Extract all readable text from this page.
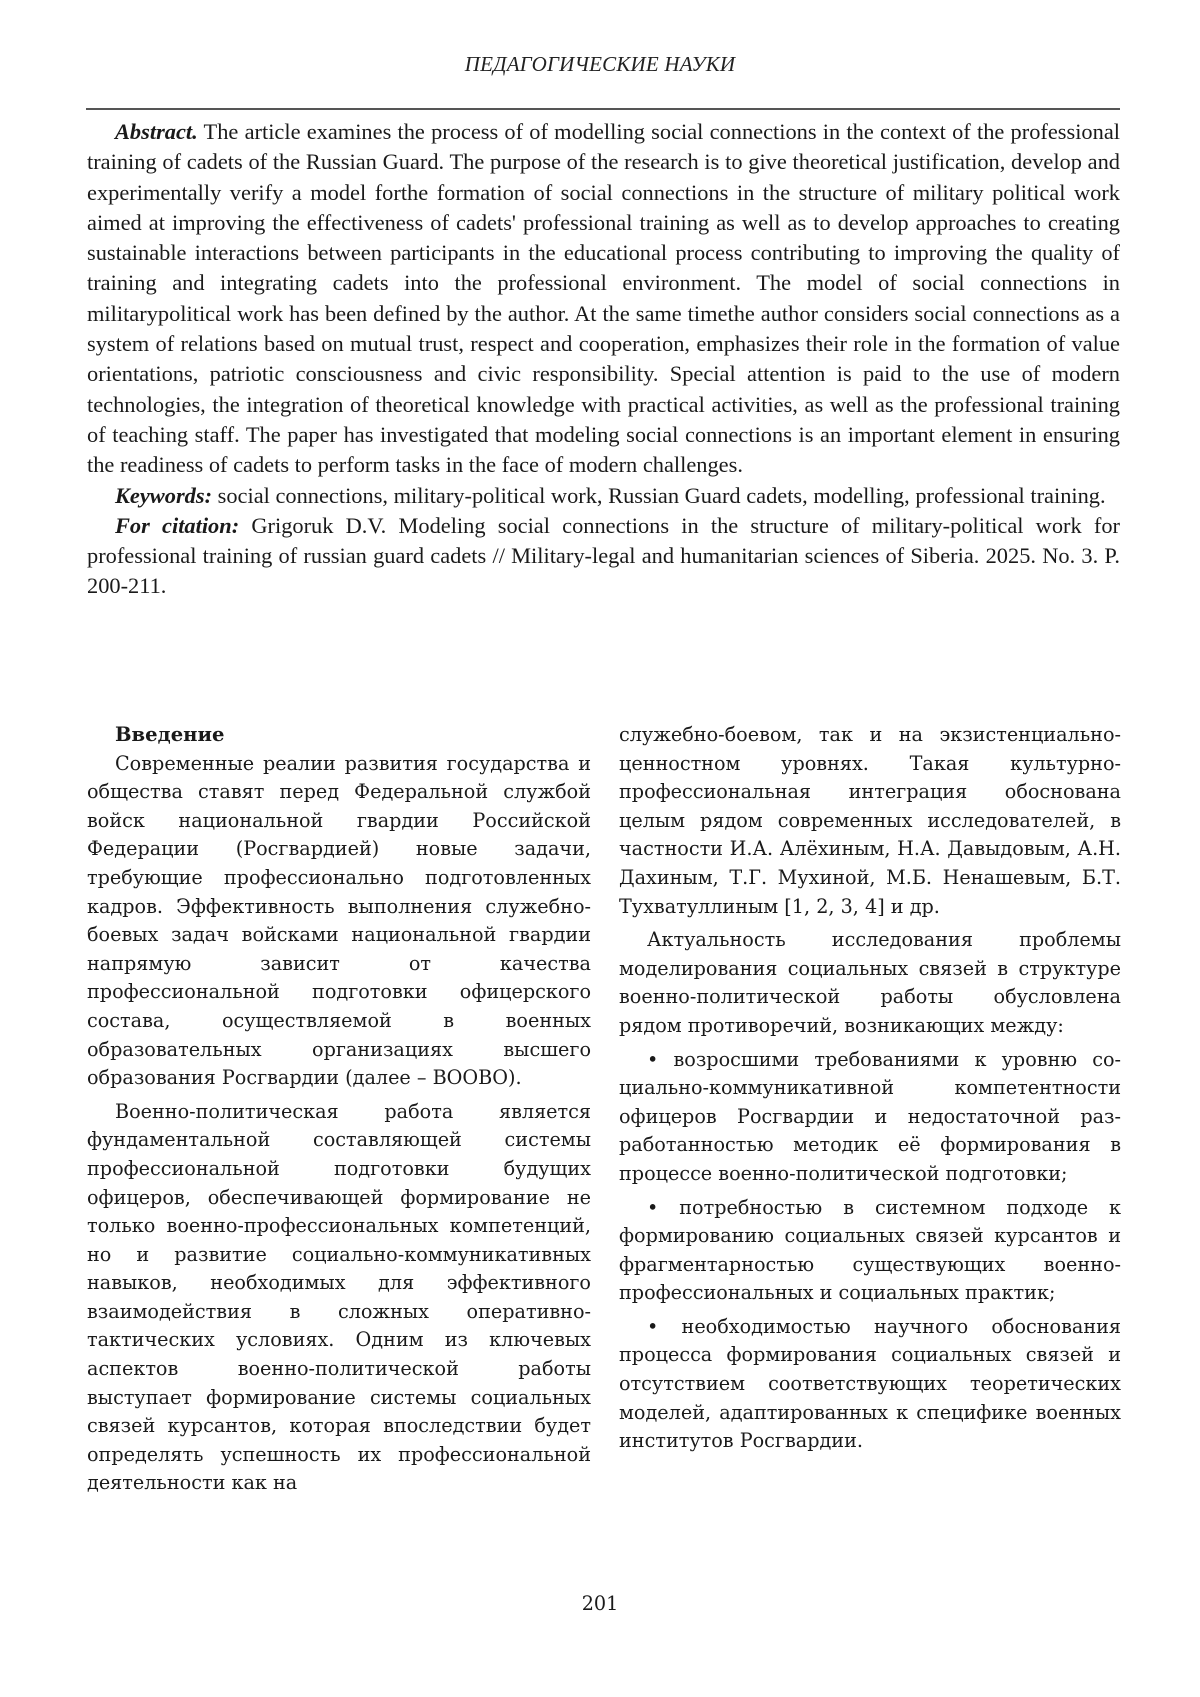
ПЕДАГОГИЧЕСКИЕ НАУКИ

Abstract. The article examines the process of of modelling social connections in the context of the professional training of cadets of the Russian Guard. The purpose of the research is to give theoretical justification, develop and experimentally verify a model forthe formation of social connections in the structure of military political work aimed at improving the effectiveness of cadets' professional training as well as to develop approaches to creating sustainable interactions between participants in the educational process contributing to improving the quality of training and integrating cadets into the professional environment. The model of social connections in militarypolitical work has been defined by the author. At the same timethe author considers social connections as a system of relations based on mutual trust, respect and cooperation, emphasizes their role in the formation of value orientations, patriotic consciousness and civic responsibility. Special attention is paid to the use of modern technologies, the integration of theoretical knowledge with practical activities, as well as the professional training of teaching staff. The paper has investigated that modeling social connections is an important element in ensuring the readiness of cadets to perform tasks in the face of modern challenges.

Keywords: social connections, military-political work, Russian Guard cadets, modelling, professional training.

For citation: Grigoruk D.V. Modeling social connections in the structure of military-political work for professional training of russian guard cadets // Military-legal and humanitarian sciences of Siberia. 2025. No. 3. P. 200-211.

Введение

Современные реалии развития государства и общества ставят перед Федеральной службой войск национальной гвардии Российской Федерации (Росгвардией) новые задачи, требующие профессионально подготовленных кадров. Эффективность выполнения служебно-боевых задач войсками национальной гвардии напрямую зависит от качества профессиональной подготовки офицерского состава, осуществляемой в военных образовательных организациях высшего образования Росгвардии (далее – ВООВО).

Военно-политическая работа является фундаментальной составляющей системы профессиональной подготовки будущих офицеров, обеспечивающей формирование не только военно-профессиональных компетенций, но и развитие социально-коммуникативных навыков, необходимых для эффективного взаимодействия в сложных оперативно-тактических условиях. Одним из ключевых аспектов военно-политической работы выступает формирование системы социальных связей курсантов, которая впоследствии будет определять успешность их профессиональной деятельности как на

служебно-боевом, так и на экзистенциально-ценностном уровнях. Такая культурно-профессиональная интеграция обоснована целым рядом современных исследователей, в частности И.А. Алёхиным, Н.А. Давыдовым, А.Н. Дахиным, Т.Г. Мухиной, М.Б. Ненашевым, Б.Т. Тухватуллиным [1, 2, 3, 4] и др.

Актуальность исследования проблемы моделирования социальных связей в структуре военно-политической работы обусловлена рядом противоречий, возникающих между:

• возросшими требованиями к уровню социально-коммуникативной компетентности офицеров Росгвардии и недостаточной разработанностью методик её формирования в процессе военно-политической подготовки;

• потребностью в системном подходе к формированию социальных связей курсантов и фрагментарностью существующих военно-профессиональных и социальных практик;

• необходимостью научного обоснования процесса формирования социальных связей и отсутствием соответствующих теоретических моделей, адаптированных к специфике военных институтов Росгвардии.

201
